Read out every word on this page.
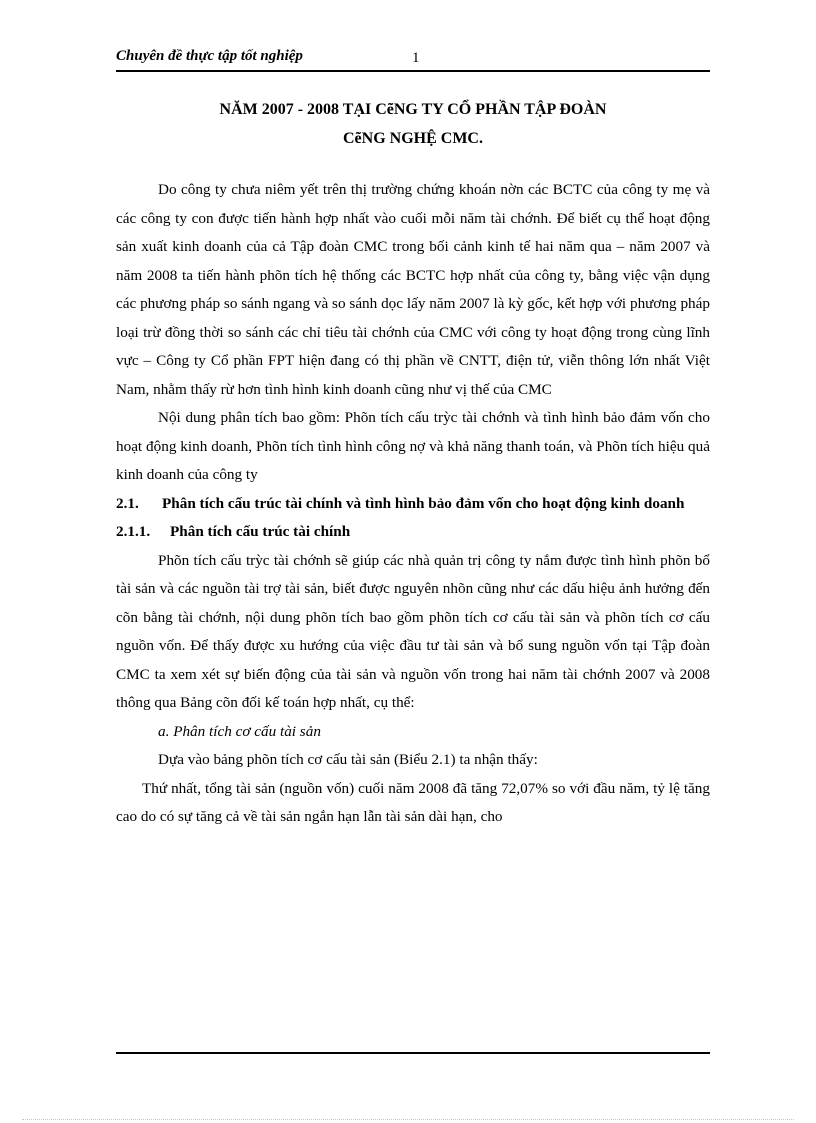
Chuyên đề thực tập tốt nghiệp	1
NĂM 2007 - 2008 TẠI CẽNG TY CỔ PHẦN TẬP ĐOÀN
CẽNG NGHỆ CMC.

Do công ty chưa niêm yết trên thị trường chứng khoán nờn các BCTC của công ty mẹ và các công ty con được tiến hành hợp nhất vào cuối mỗi năm tài chớnh. Để biết cụ thể hoạt động sản xuất kinh doanh của cả Tập đoàn CMC trong bối cảnh kinh tế hai năm qua – năm 2007 và năm 2008 ta tiến hành phõn tích hệ thống các BCTC hợp nhất của công ty, bằng việc vận dụng các phương pháp so sánh ngang và so sánh dọc lấy năm 2007 là kỳ gốc, kết hợp với phương pháp loại trừ đồng thời so sánh các chỉ tiêu tài chớnh của CMC với công ty hoạt động trong cùng lĩnh vực – Công ty Cổ phần FPT hiện đang có thị phần về CNTT, điện tử, viễn thông lớn nhất Việt Nam, nhằm thấy rừ hơn tình hình kinh doanh cũng như vị thế của CMC

Nội dung phân tích bao gồm: Phõn tích cấu trỳc tài chớnh và tình hình bảo đảm vốn cho hoạt động kinh doanh, Phõn tích tình hình công nợ và khả năng thanh toán, và Phõn tích hiệu quả kinh doanh của công ty

2.1. Phân tích cấu trúc tài chính và tình hình bảo đảm vốn cho hoạt động kinh doanh

2.1.1. Phân tích cấu trúc tài chính

Phõn tích cấu trỳc tài chớnh sẽ giúp các nhà quản trị công ty nắm được tình hình phõn bổ tài sản và các nguồn tài trợ tài sản, biết được nguyên nhõn cũng như các dấu hiệu ảnh hưởng đến cõn bằng tài chớnh, nội dung phõn tích bao gồm phõn tích cơ cấu tài sản và phõn tích cơ cấu nguồn vốn. Để thấy được xu hướng của việc đầu tư tài sản và bổ sung nguồn vốn tại Tập đoàn CMC ta xem xét sự biến động của tài sản và nguồn vốn trong hai năm tài chớnh 2007 và 2008 thông qua Bảng cõn đối kế toán hợp nhất, cụ thể:

a. Phân tích cơ cấu tài sản

Dựa vào bảng phõn tích cơ cấu tài sản (Biểu 2.1) ta nhận thấy:

Thứ nhất, tổng tài sản (nguồn vốn) cuối năm 2008 đã tăng 72,07% so với đầu năm, tỷ lệ tăng cao do có sự tăng cả về tài sản ngắn hạn lẫn tài sản dài hạn, cho
